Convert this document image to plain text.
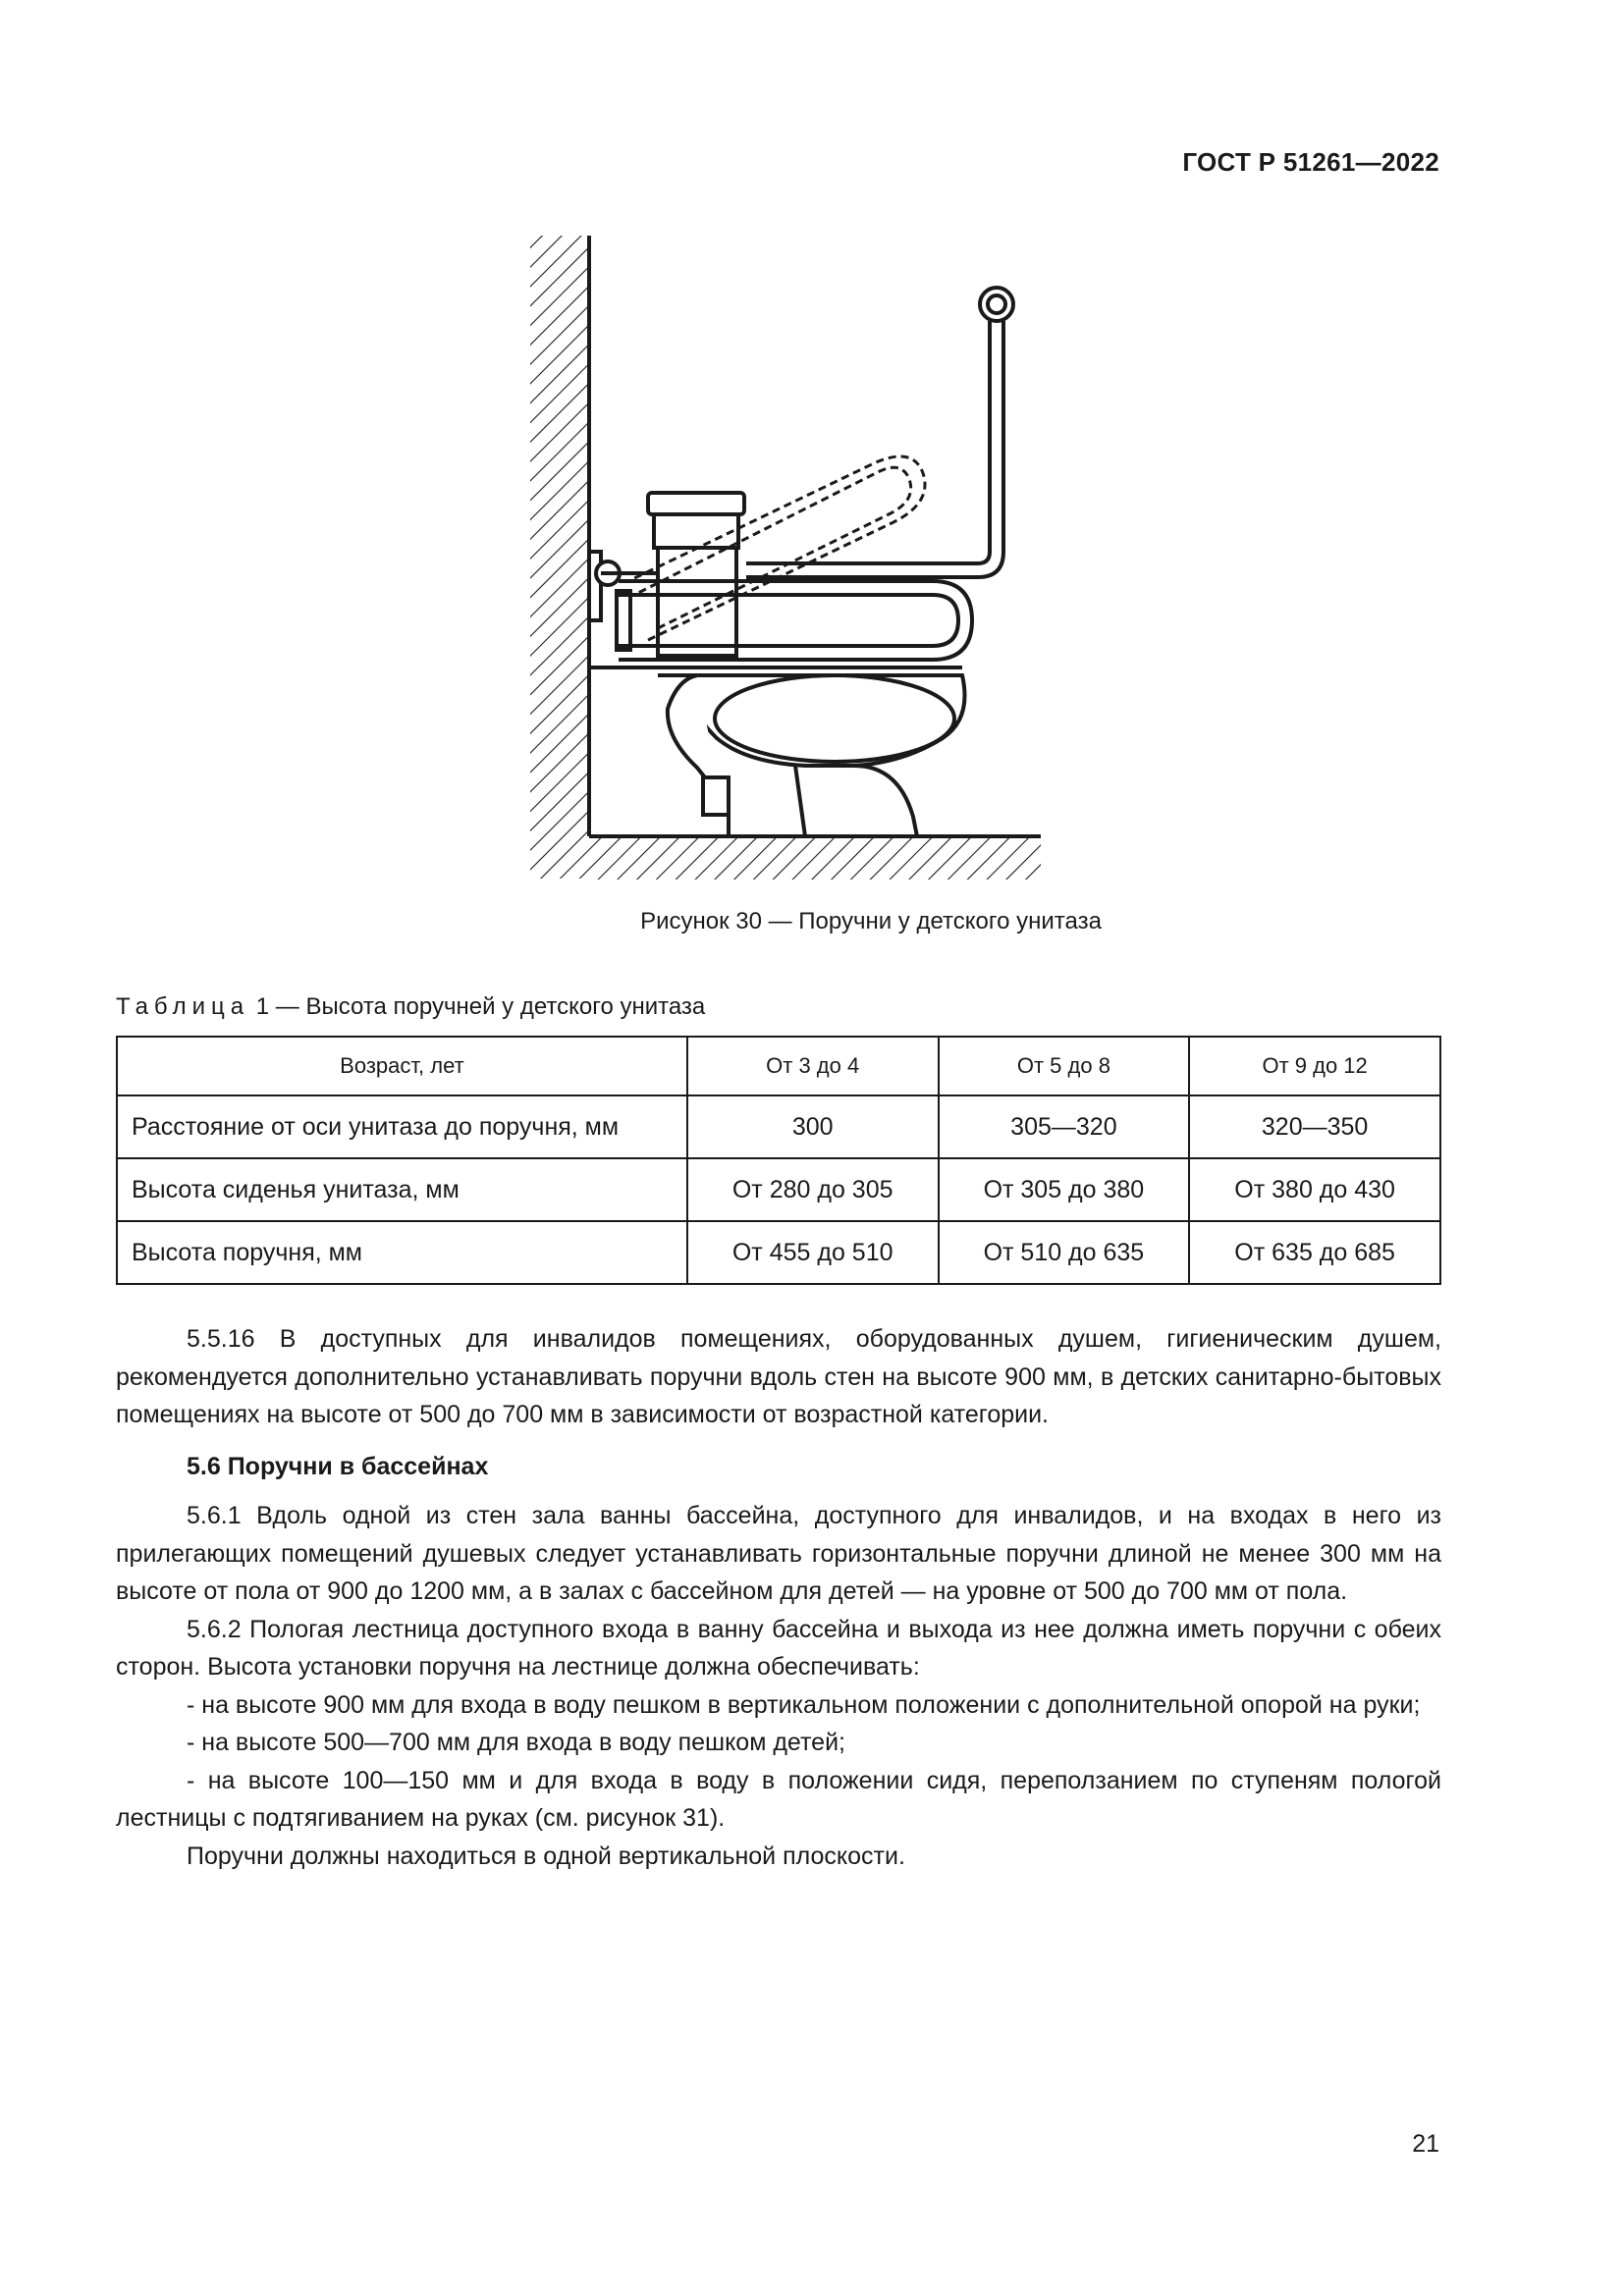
ГОСТ Р 51261—2022
Рисунок 30 — Поручни у детского унитаза
Таблица 1 — Высота поручней у детского унитаза
Возраст, лет	От 3 до 4	От 5 до 8	От 9 до 12
Расстояние от оси унитаза до поручня, мм	300	305—320	320—350
Высота сиденья унитаза, мм	От 280 до 305	От 305 до 380	От 380 до 430
Высота поручня, мм	От 455 до 510	От 510 до 635	От 635 до 685

5.5.16 В доступных для инвалидов помещениях, оборудованных душем, гигиеническим душем, рекомендуется дополнительно устанавливать поручни вдоль стен на высоте 900 мм, в детских санитарно-бытовых помещениях на высоте от 500 до 700 мм в зависимости от возрастной категории.

5.6 Поручни в бассейнах

5.6.1 Вдоль одной из стен зала ванны бассейна, доступного для инвалидов, и на входах в него из прилегающих помещений душевых следует устанавливать горизонтальные поручни длиной не менее 300 мм на высоте от пола от 900 до 1200 мм, а в залах с бассейном для детей — на уровне от 500 до 700 мм от пола.

5.6.2 Пологая лестница доступного входа в ванну бассейна и выхода из нее должна иметь поручни с обеих сторон. Высота установки поручня на лестнице должна обеспечивать:

- на высоте 900 мм для входа в воду пешком в вертикальном положении с дополнительной опорой на руки;

- на высоте 500—700 мм для входа в воду пешком детей;

- на высоте 100—150 мм и для входа в воду в положении сидя, переползанием по ступеням пологой лестницы с подтягиванием на руках (см. рисунок 31).

Поручни должны находиться в одной вертикальной плоскости.

21
